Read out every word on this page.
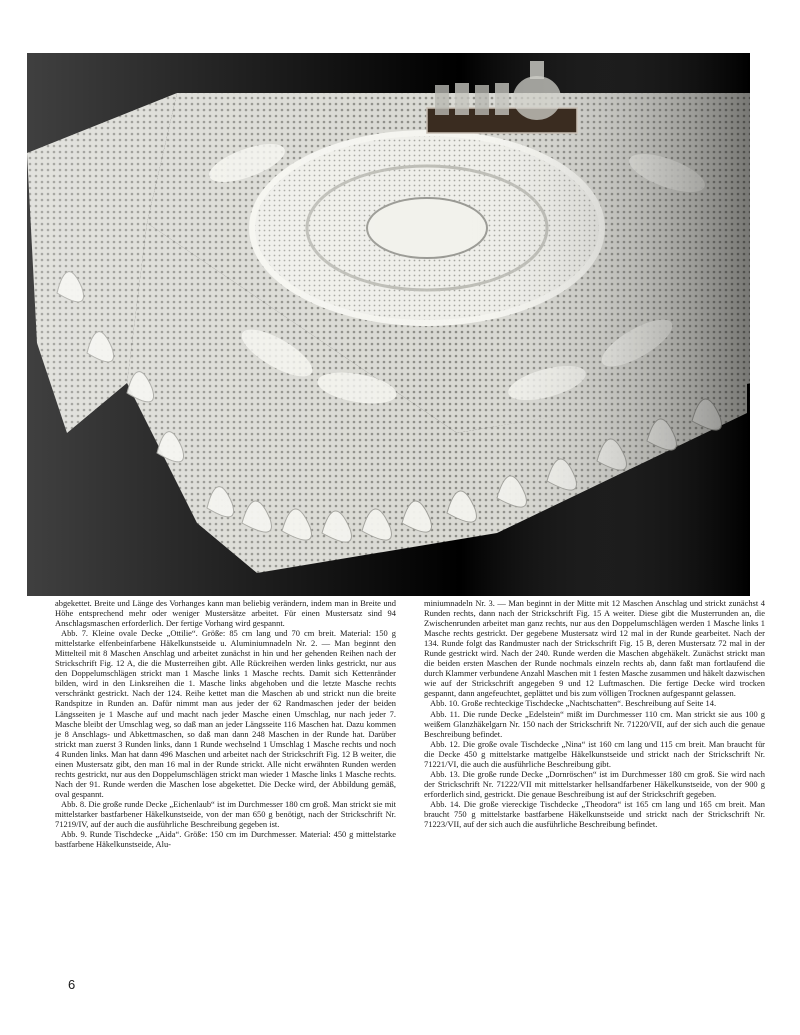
abgekettet. Breite und Länge des Vorhanges kann man beliebig verändern, indem man in Breite und Höhe entsprechend mehr oder weniger Mustersätze arbeitet. Für einen Mustersatz sind 94 Anschlagsmaschen erforderlich. Der fertige Vorhang wird gespannt.

Abb. 7. Kleine ovale Decke „Ottilie“. Größe: 85 cm lang und 70 cm breit. Material: 150 g mittelstarke elfenbeinfarbene Häkelkunstseide u. Aluminiumnadeln Nr. 2. — Man beginnt den Mittelteil mit 8 Maschen Anschlag und arbeitet zunächst in hin und her gehenden Reihen nach der Strickschrift Fig. 12 A, die die Musterreihen gibt. Alle Rückreihen werden links gestrickt, nur aus den Doppelumschlägen strickt man 1 Masche links 1 Masche rechts. Damit sich Kettenränder bilden, wird in den Linksreihen die 1. Masche links abgehoben und die letzte Masche rechts verschränkt gestrickt. Nach der 124. Reihe kettet man die Maschen ab und strickt nun die breite Randspitze in Runden an. Dafür nimmt man aus jeder der 62 Randmaschen jeder der beiden Längsseiten je 1 Masche auf und macht nach jeder Masche einen Umschlag, nur nach jeder 7. Masche bleibt der Umschlag weg, so daß man an jeder Längsseite 116 Maschen hat. Dazu kommen je 8 Anschlags- und Abkettmaschen, so daß man dann 248 Maschen in der Runde hat. Darüber strickt man zuerst 3 Runden links, dann 1 Runde wechselnd 1 Umschlag 1 Masche rechts und noch 4 Runden links. Man hat dann 496 Maschen und arbeitet nach der Strickschrift Fig. 12 B weiter, die einen Mustersatz gibt, den man 16 mal in der Runde strickt. Alle nicht erwähnten Runden werden rechts gestrickt, nur aus den Doppelumschlägen strickt man wieder 1 Masche links 1 Masche rechts. Nach der 91. Runde werden die Maschen lose abgekettet. Die Decke wird, der Abbildung gemäß, oval gespannt.

Abb. 8. Die große runde Decke „Eichenlaub“ ist im Durchmesser 180 cm groß. Man strickt sie mit mittelstarker bastfarbener Häkelkunstseide, von der man 650 g benötigt, nach der Strickschrift Nr. 71219/IV, auf der auch die ausführliche Beschreibung gegeben ist.

Abb. 9. Runde Tischdecke „Aida“. Größe: 150 cm im Durchmesser. Material: 450 g mittelstarke bastfarbene Häkelkunstseide, Alu-

miniumnadeln Nr. 3. — Man beginnt in der Mitte mit 12 Maschen Anschlag und strickt zunächst 4 Runden rechts, dann nach der Strickschrift Fig. 15 A weiter. Diese gibt die Musterrunden an, die Zwischenrunden arbeitet man ganz rechts, nur aus den Doppelumschlägen werden 1 Masche links 1 Masche rechts gestrickt. Der gegebene Mustersatz wird 12 mal in der Runde gearbeitet. Nach der 134. Runde folgt das Randmuster nach der Strickschrift Fig. 15 B, deren Mustersatz 72 mal in der Runde gestrickt wird. Nach der 240. Runde werden die Maschen abgehäkelt. Zunächst strickt man die beiden ersten Maschen der Runde nochmals einzeln rechts ab, dann faßt man fortlaufend die durch Klammer verbundene Anzahl Maschen mit 1 festen Masche zusammen und häkelt dazwischen wie auf der Strickschrift angegeben 9 und 12 Luftmaschen. Die fertige Decke wird trocken gespannt, dann angefeuchtet, geplättet und bis zum völligen Trocknen aufgespannt gelassen.

Abb. 10. Große rechteckige Tischdecke „Nachtschatten“. Beschreibung auf Seite 14.

Abb. 11. Die runde Decke „Edelstein“ mißt im Durchmesser 110 cm. Man strickt sie aus 100 g weißem Glanzhäkelgarn Nr. 150 nach der Strickschrift Nr. 71220/VII, auf der sich auch die genaue Beschreibung befindet.

Abb. 12. Die große ovale Tischdecke „Nina“ ist 160 cm lang und 115 cm breit. Man braucht für die Decke 450 g mittelstarke mattgelbe Häkelkunstseide und strickt nach der Strickschrift Nr. 71221/VI, die auch die ausführliche Beschreibung gibt.

Abb. 13. Die große runde Decke „Dornröschen“ ist im Durchmesser 180 cm groß. Sie wird nach der Strickschrift Nr. 71222/VII mit mittelstarker hellsandfarbener Häkelkunstseide, von der 900 g erforderlich sind, gestrickt. Die genaue Beschreibung ist auf der Strickschrift gegeben.

Abb. 14. Die große viereckige Tischdecke „Theodora“ ist 165 cm lang und 165 cm breit. Man braucht 750 g mittelstarke bastfarbene Häkelkunstseide und strickt nach der Strickschrift Nr. 71223/VII, auf der sich auch die ausführliche Beschreibung befindet.

6
